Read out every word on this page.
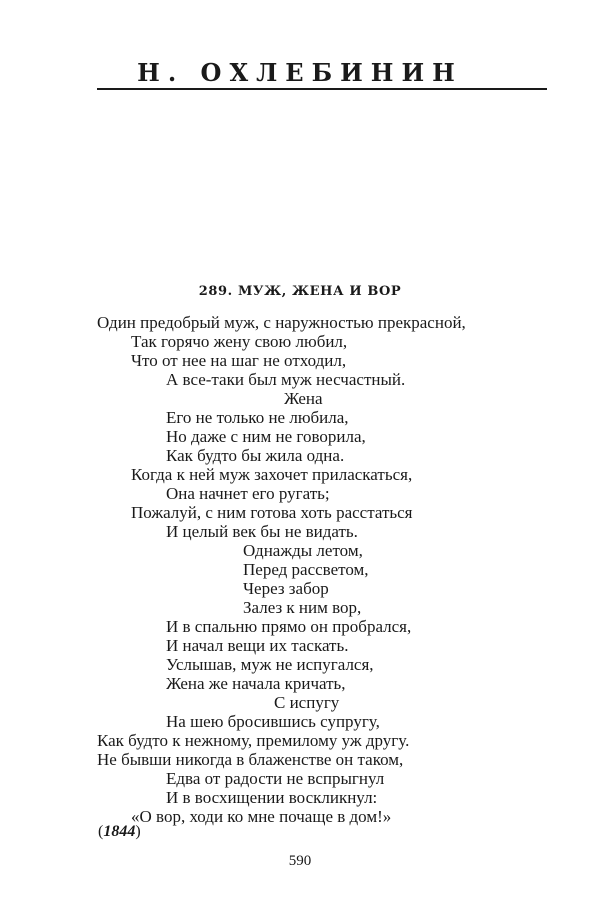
Н. ОХЛЕБИНИН
289. МУЖ, ЖЕНА И ВОР
Один предобрый муж, с наружностью прекрасной,
Так горячо жену свою любил,
Что от нее на шаг не отходил,
А все-таки был муж несчастный.
Жена
Его не только не любила,
Но даже с ним не говорила,
Как будто бы жила одна.
Когда к ней муж захочет приласкаться,
Она начнет его ругать;
Пожалуй, с ним готова хоть расстаться
И целый век бы не видать.
Однажды летом,
Перед рассветом,
Через забор
Залез к ним вор,
И в спальню прямо он пробрался,
И начал вещи их таскать.
Услышав, муж не испугался,
Жена же начала кричать,
С испугу
На шею бросившись супругу,
Как будто к нежному, премилому уж другу.
Не бывши никогда в блаженстве он таком,
Едва от радости не вспрыгнул
И в восхищении воскликнул:
«О вор, ходи ко мне почаще в дом!»
(1844)
590
